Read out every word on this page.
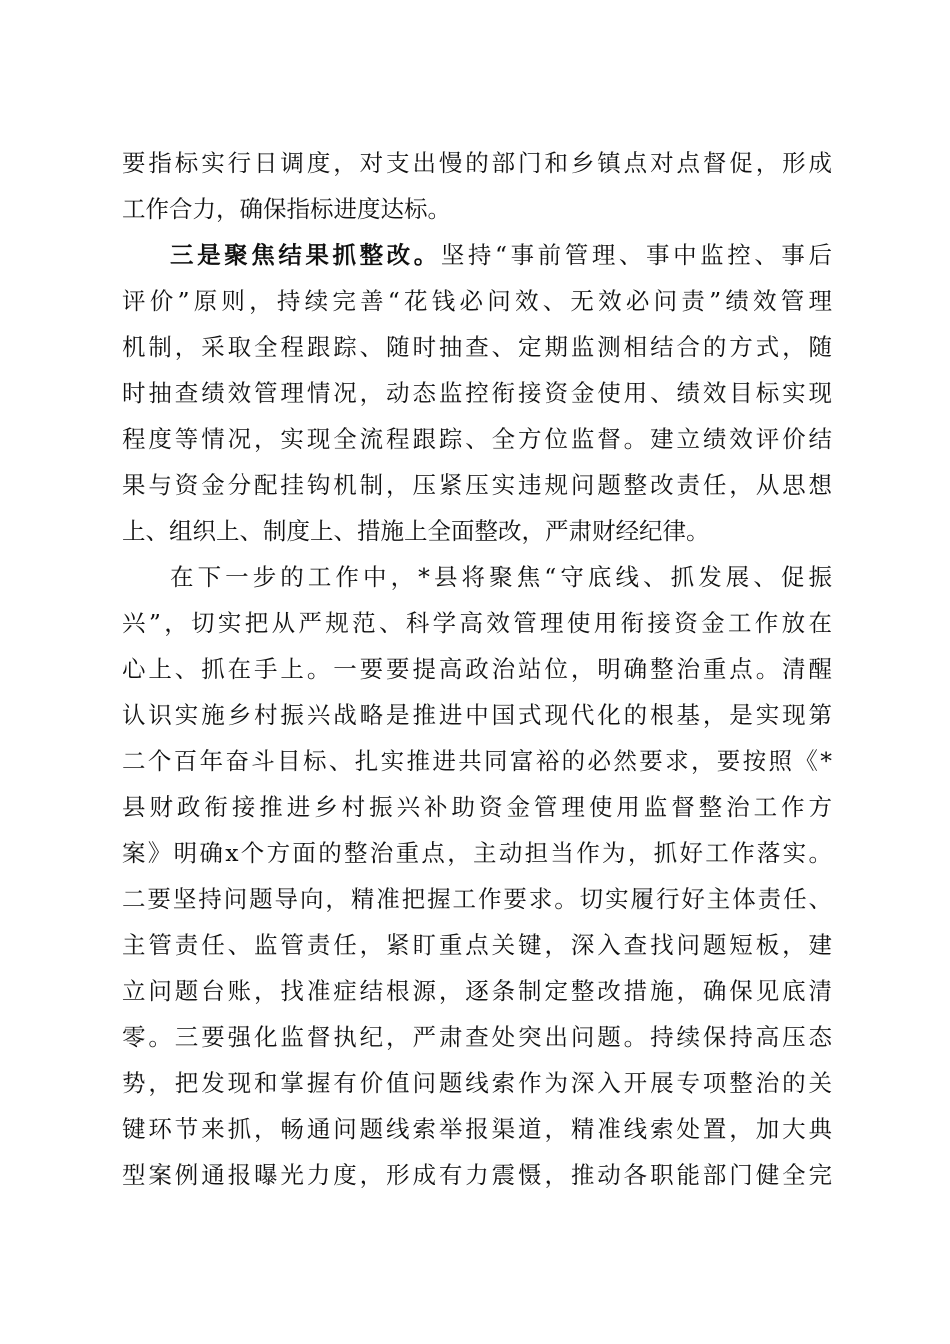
要指标实行日调度，对支出慢的部门和乡镇点对点督促，形成
工作合力，确保指标进度达标。
三是聚焦结果抓整改。坚持“事前管理、事中监控、事后
评价”原则，持续完善“花钱必问效、无效必问责”绩效管理
机制，采取全程跟踪、随时抽查、定期监测相结合的方式，随
时抽查绩效管理情况，动态监控衔接资金使用、绩效目标实现
程度等情况，实现全流程跟踪、全方位监督。建立绩效评价结
果与资金分配挂钩机制，压紧压实违规问题整改责任，从思想
上、组织上、制度上、措施上全面整改，严肃财经纪律。
在下一步的工作中，*县将聚焦“守底线、抓发展、促振
兴”，切实把从严规范、科学高效管理使用衔接资金工作放在
心上、抓在手上。一要要提高政治站位，明确整治重点。清醒
认识实施乡村振兴战略是推进中国式现代化的根基，是实现第
二个百年奋斗目标、扎实推进共同富裕的必然要求，要按照《*
县财政衔接推进乡村振兴补助资金管理使用监督整治工作方
案》明确x个方面的整治重点，主动担当作为，抓好工作落实。
二要坚持问题导向，精准把握工作要求。切实履行好主体责任、
主管责任、监管责任，紧盯重点关键，深入查找问题短板，建
立问题台账，找准症结根源，逐条制定整改措施，确保见底清
零。三要强化监督执纪，严肃查处突出问题。持续保持高压态
势，把发现和掌握有价值问题线索作为深入开展专项整治的关
键环节来抓，畅通问题线索举报渠道，精准线索处置，加大典
型案例通报曝光力度，形成有力震慑，推动各职能部门健全完
